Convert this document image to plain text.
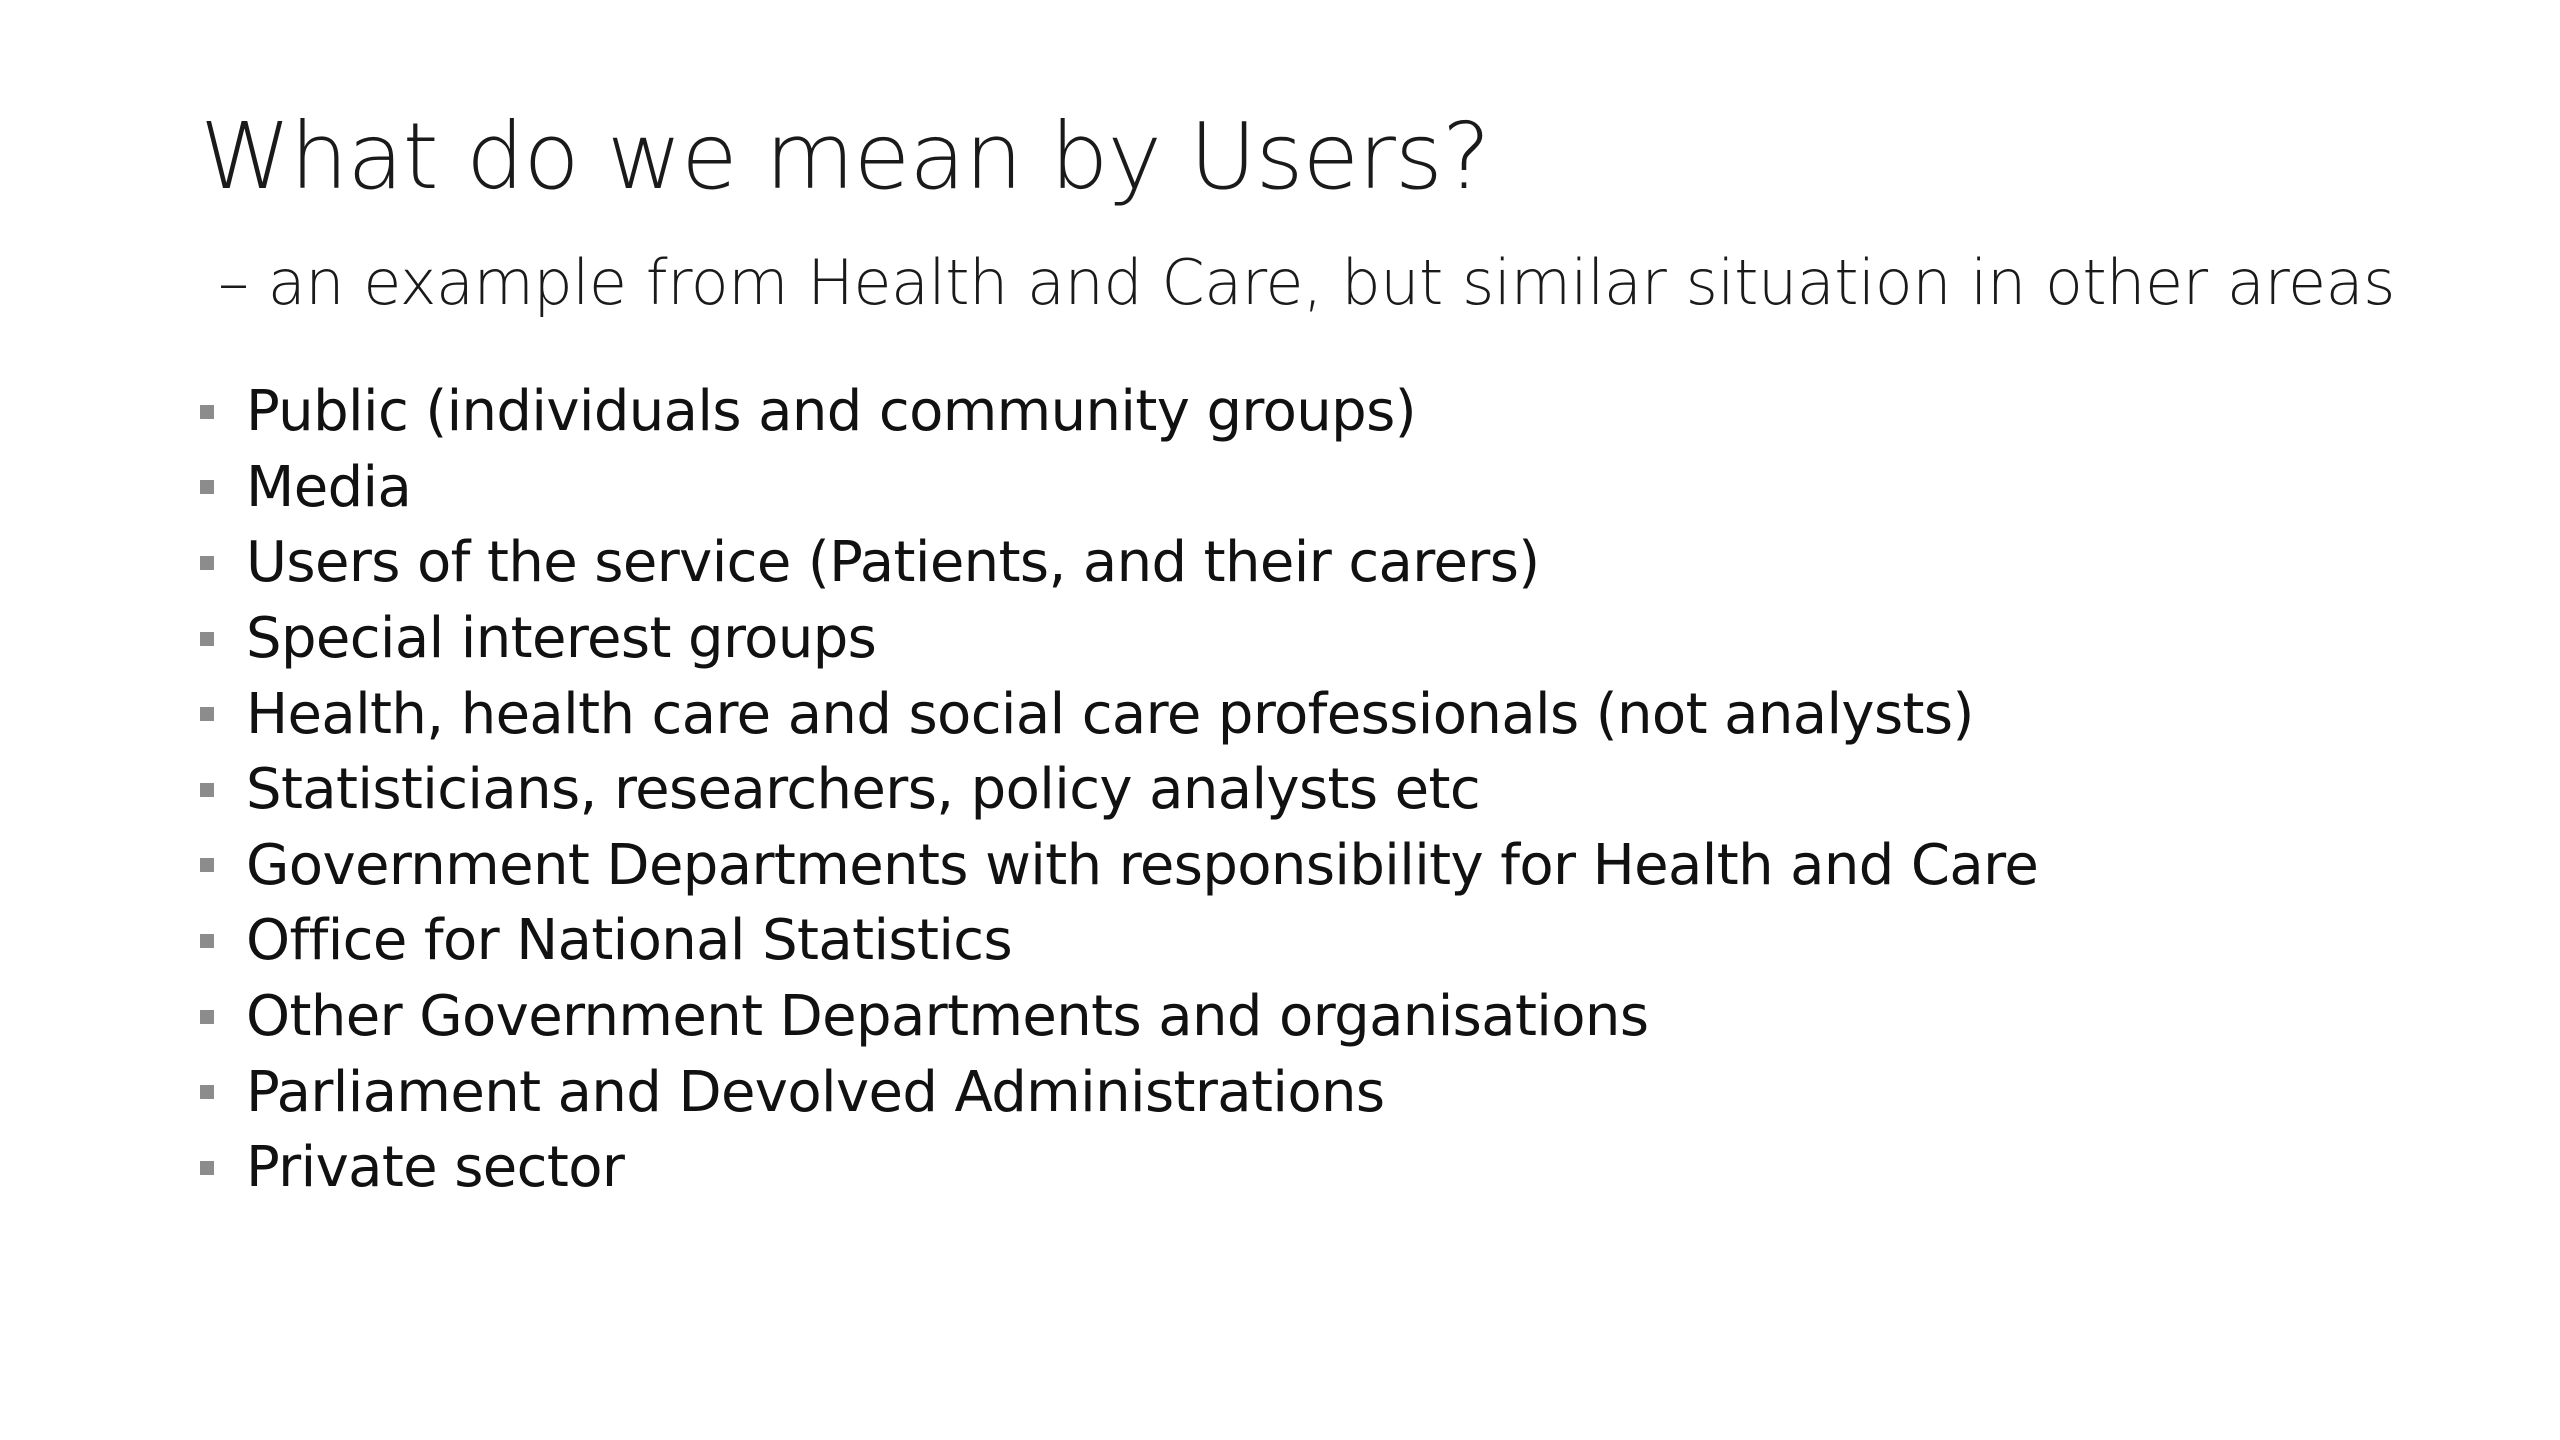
What do we mean by Users?

– an example from Health and Care, but similar situation in other areas

Public (individuals and community groups)
Media
Users of the service (Patients, and their carers)
Special interest groups
Health, health care and social care professionals (not analysts)
Statisticians, researchers, policy analysts etc
Government Departments with responsibility for Health and Care
Office for National Statistics
Other Government Departments and organisations
Parliament and Devolved Administrations
Private sector
